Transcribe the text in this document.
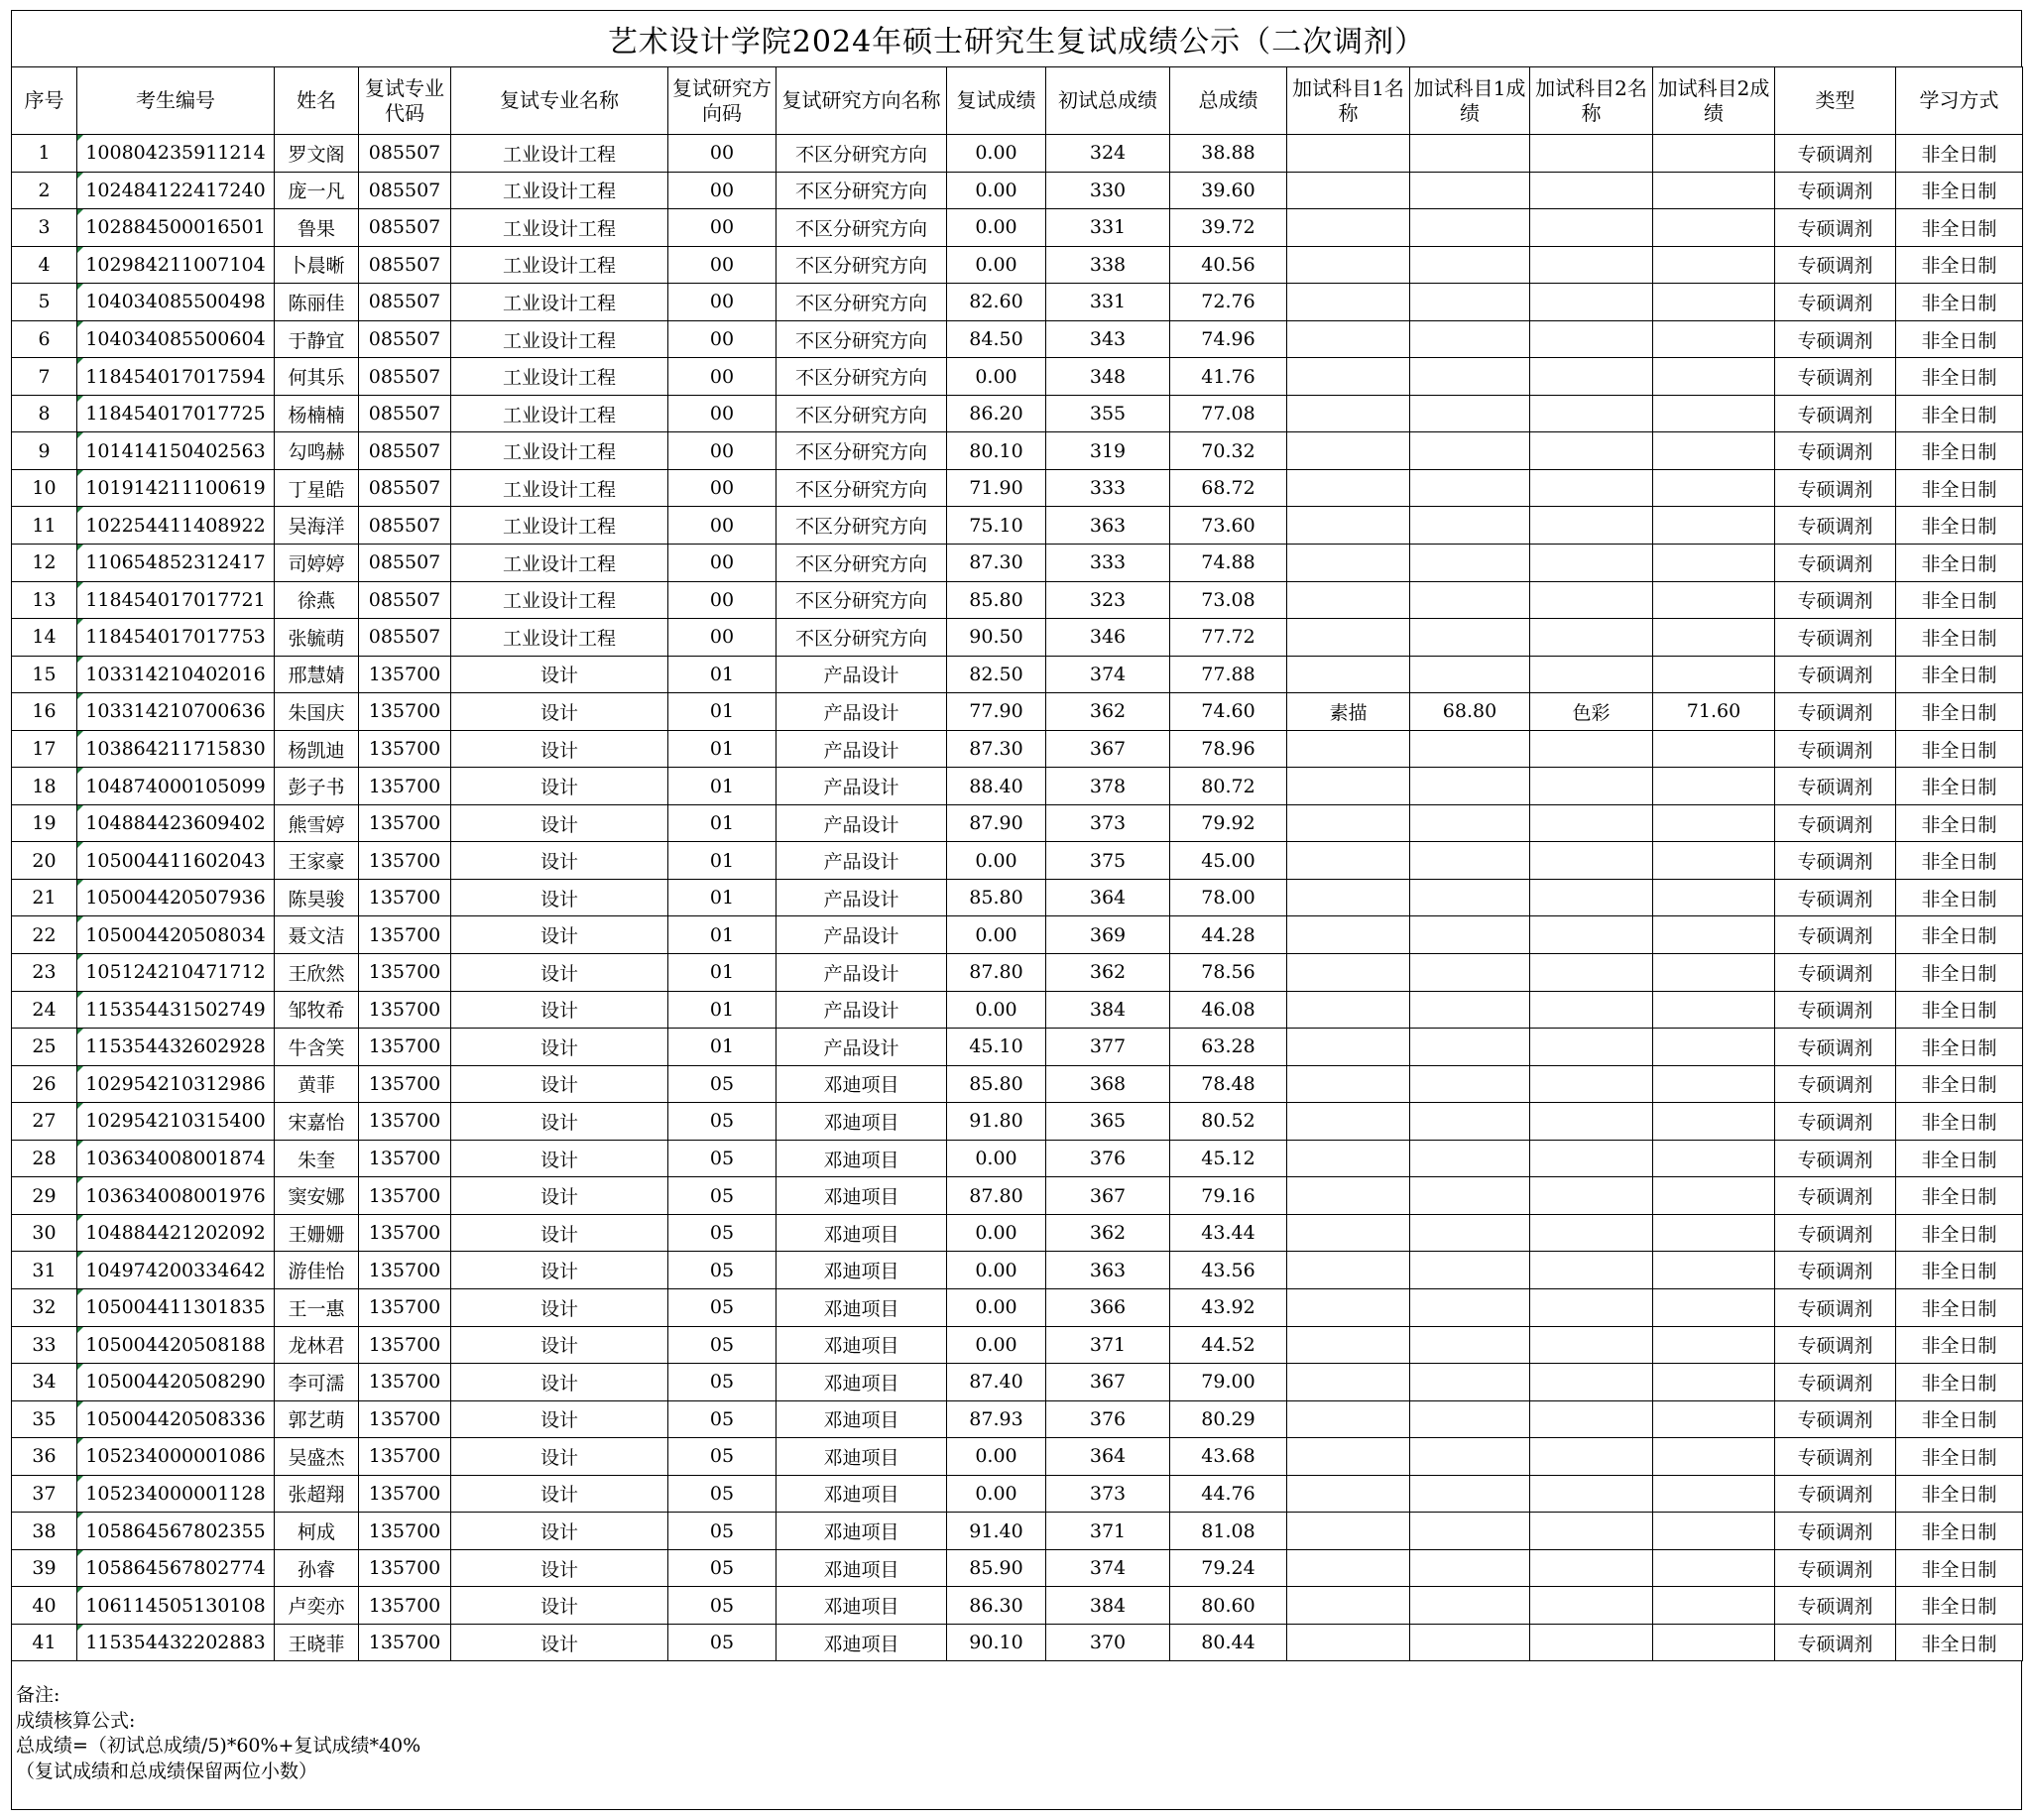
艺术设计学院2024年硕士研究生复试成绩公示（二次调剂）
序号	考生编号	姓名	复试专业代码	复试专业名称	复试研究方向码	复试研究方向名称	复试成绩	初试总成绩	总成绩	加试科目1名称	加试科目1成绩	加试科目2名称	加试科目2成绩	类型	学习方式
1	100804235911214	罗文阁	085507	工业设计工程	00	不区分研究方向	0.00	324	38.88					专硕调剂	非全日制
2	102484122417240	庞一凡	085507	工业设计工程	00	不区分研究方向	0.00	330	39.60					专硕调剂	非全日制
3	102884500016501	鲁果	085507	工业设计工程	00	不区分研究方向	0.00	331	39.72					专硕调剂	非全日制
4	102984211007104	卜晨晰	085507	工业设计工程	00	不区分研究方向	0.00	338	40.56					专硕调剂	非全日制
5	104034085500498	陈丽佳	085507	工业设计工程	00	不区分研究方向	82.60	331	72.76					专硕调剂	非全日制
6	104034085500604	于静宜	085507	工业设计工程	00	不区分研究方向	84.50	343	74.96					专硕调剂	非全日制
7	118454017017594	何其乐	085507	工业设计工程	00	不区分研究方向	0.00	348	41.76					专硕调剂	非全日制
8	118454017017725	杨楠楠	085507	工业设计工程	00	不区分研究方向	86.20	355	77.08					专硕调剂	非全日制
9	101414150402563	勾鸣赫	085507	工业设计工程	00	不区分研究方向	80.10	319	70.32					专硕调剂	非全日制
10	101914211100619	丁星皓	085507	工业设计工程	00	不区分研究方向	71.90	333	68.72					专硕调剂	非全日制
11	102254411408922	吴海洋	085507	工业设计工程	00	不区分研究方向	75.10	363	73.60					专硕调剂	非全日制
12	110654852312417	司婷婷	085507	工业设计工程	00	不区分研究方向	87.30	333	74.88					专硕调剂	非全日制
13	118454017017721	徐燕	085507	工业设计工程	00	不区分研究方向	85.80	323	73.08					专硕调剂	非全日制
14	118454017017753	张毓萌	085507	工业设计工程	00	不区分研究方向	90.50	346	77.72					专硕调剂	非全日制
15	103314210402016	邢慧婧	135700	设计	01	产品设计	82.50	374	77.88					专硕调剂	非全日制
16	103314210700636	朱国庆	135700	设计	01	产品设计	77.90	362	74.60	素描	68.80	色彩	71.60	专硕调剂	非全日制
17	103864211715830	杨凯迪	135700	设计	01	产品设计	87.30	367	78.96					专硕调剂	非全日制
18	104874000105099	彭子书	135700	设计	01	产品设计	88.40	378	80.72					专硕调剂	非全日制
19	104884423609402	熊雪婷	135700	设计	01	产品设计	87.90	373	79.92					专硕调剂	非全日制
20	105004411602043	王家豪	135700	设计	01	产品设计	0.00	375	45.00					专硕调剂	非全日制
21	105004420507936	陈昊骏	135700	设计	01	产品设计	85.80	364	78.00					专硕调剂	非全日制
22	105004420508034	聂文洁	135700	设计	01	产品设计	0.00	369	44.28					专硕调剂	非全日制
23	105124210471712	王欣然	135700	设计	01	产品设计	87.80	362	78.56					专硕调剂	非全日制
24	115354431502749	邹牧希	135700	设计	01	产品设计	0.00	384	46.08					专硕调剂	非全日制
25	115354432602928	牛含笑	135700	设计	01	产品设计	45.10	377	63.28					专硕调剂	非全日制
26	102954210312986	黄菲	135700	设计	05	邓迪项目	85.80	368	78.48					专硕调剂	非全日制
27	102954210315400	宋嘉怡	135700	设计	05	邓迪项目	91.80	365	80.52					专硕调剂	非全日制
28	103634008001874	朱奎	135700	设计	05	邓迪项目	0.00	376	45.12					专硕调剂	非全日制
29	103634008001976	窦安娜	135700	设计	05	邓迪项目	87.80	367	79.16					专硕调剂	非全日制
30	104884421202092	王姗姗	135700	设计	05	邓迪项目	0.00	362	43.44					专硕调剂	非全日制
31	104974200334642	游佳怡	135700	设计	05	邓迪项目	0.00	363	43.56					专硕调剂	非全日制
32	105004411301835	王一惠	135700	设计	05	邓迪项目	0.00	366	43.92					专硕调剂	非全日制
33	105004420508188	龙林君	135700	设计	05	邓迪项目	0.00	371	44.52					专硕调剂	非全日制
34	105004420508290	李可濡	135700	设计	05	邓迪项目	87.40	367	79.00					专硕调剂	非全日制
35	105004420508336	郭艺萌	135700	设计	05	邓迪项目	87.93	376	80.29					专硕调剂	非全日制
36	105234000001086	吴盛杰	135700	设计	05	邓迪项目	0.00	364	43.68					专硕调剂	非全日制
37	105234000001128	张超翔	135700	设计	05	邓迪项目	0.00	373	44.76					专硕调剂	非全日制
38	105864567802355	柯成	135700	设计	05	邓迪项目	91.40	371	81.08					专硕调剂	非全日制
39	105864567802774	孙睿	135700	设计	05	邓迪项目	85.90	374	79.24					专硕调剂	非全日制
40	106114505130108	卢奕亦	135700	设计	05	邓迪项目	86.30	384	80.60					专硕调剂	非全日制
41	115354432202883	王晓菲	135700	设计	05	邓迪项目	90.10	370	80.44					专硕调剂	非全日制
备注:
成绩核算公式:
总成绩=（初试总成绩/5)*60%+复试成绩*40%
（复试成绩和总成绩保留两位小数）
